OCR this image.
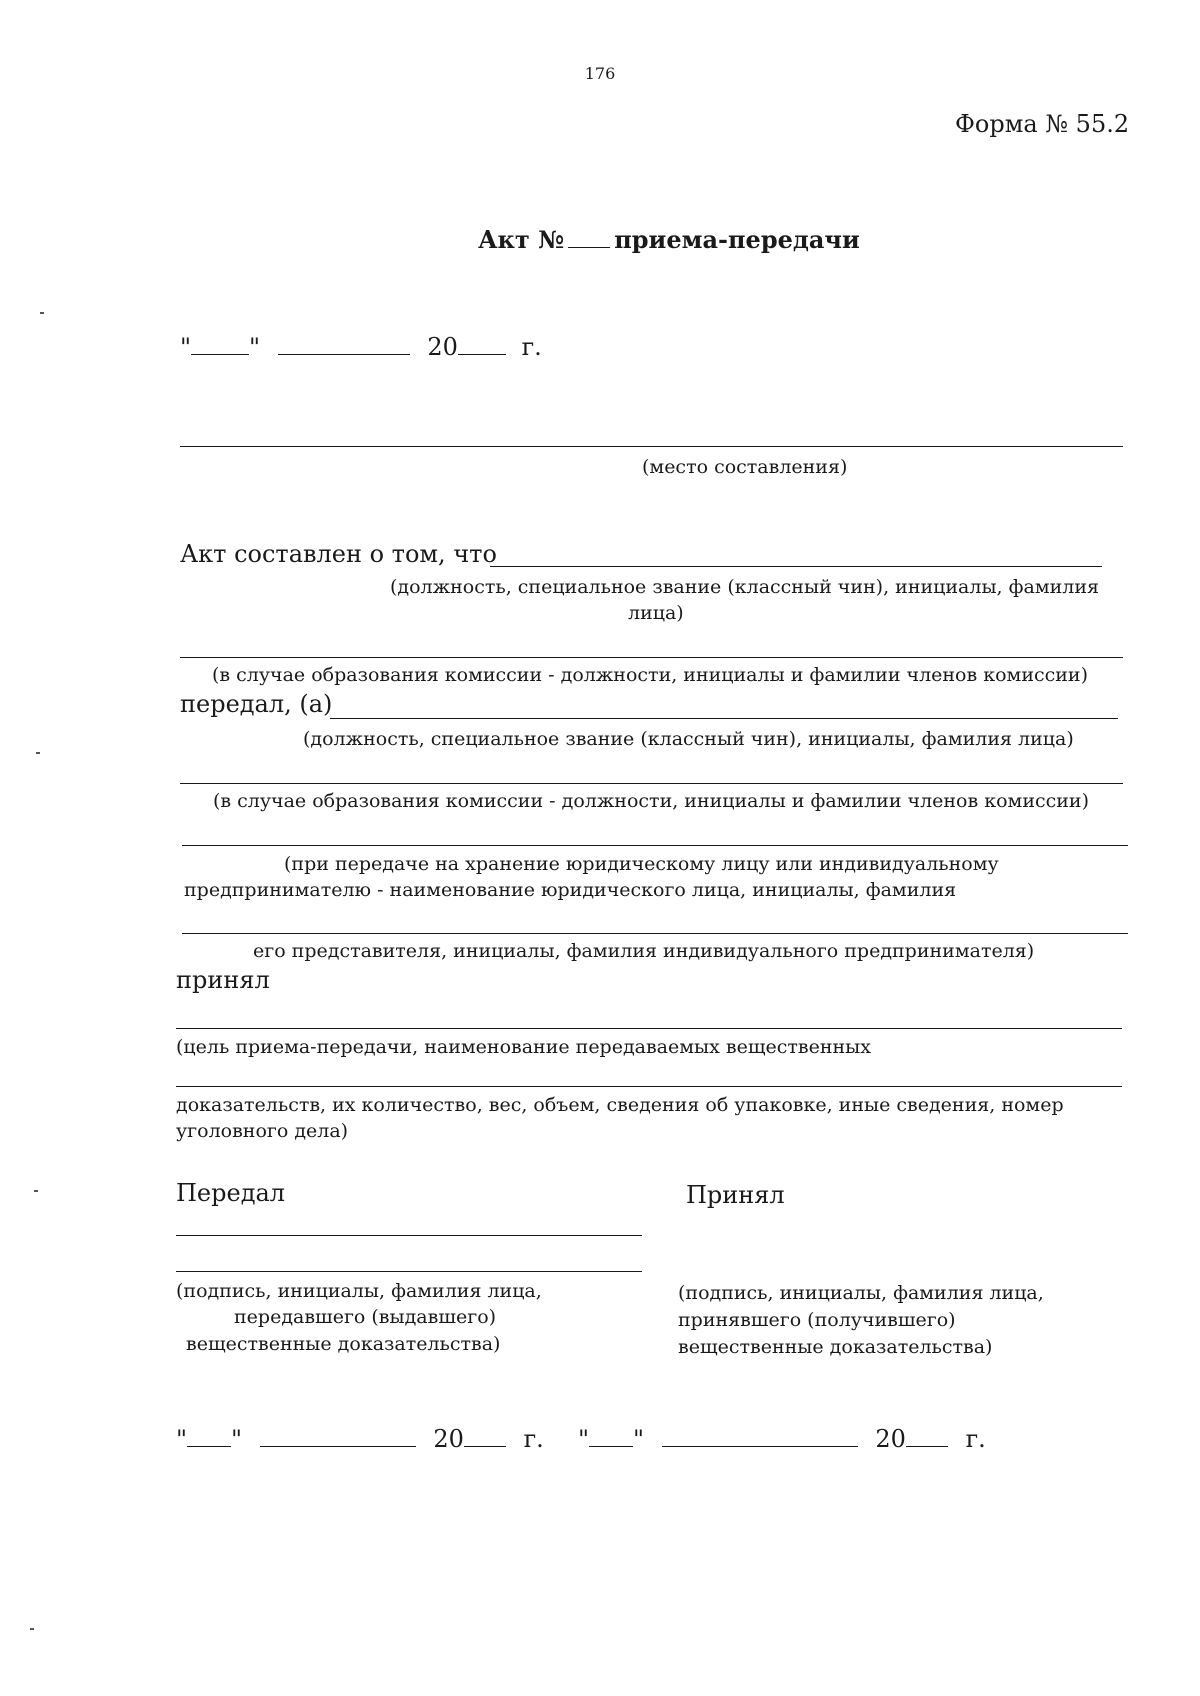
176
Форма № 55.2
Акт № приема-передачи
" "	20	г.
(место составления)
Акт составлен о том, что
(должность, специальное звание (классный чин), инициалы, фамилия
лица)
(в случае образования комиссии - должности, инициалы и фамилии членов комиссии)
передал, (а)
(должность, специальное звание (классный чин), инициалы, фамилия лица)
(в случае образования комиссии - должности, инициалы и фамилии членов комиссии)
(при передаче на хранение юридическому лицу или индивидуальному
предпринимателю - наименование юридического лица, инициалы, фамилия
его представителя, инициалы, фамилия индивидуального предпринимателя)
принял
(цель приема-передачи, наименование передаваемых вещественных
доказательств, их количество, вес, объем, сведения об упаковке, иные сведения, номер
уголовного дела)
Передал	Принял
(подпись, инициалы, фамилия лица,
передавшего (выдавшего)
вещественные доказательства)
(подпись, инициалы, фамилия лица,
принявшего (получившего)
вещественные доказательства)
" "	20 г. " "	20 г.
